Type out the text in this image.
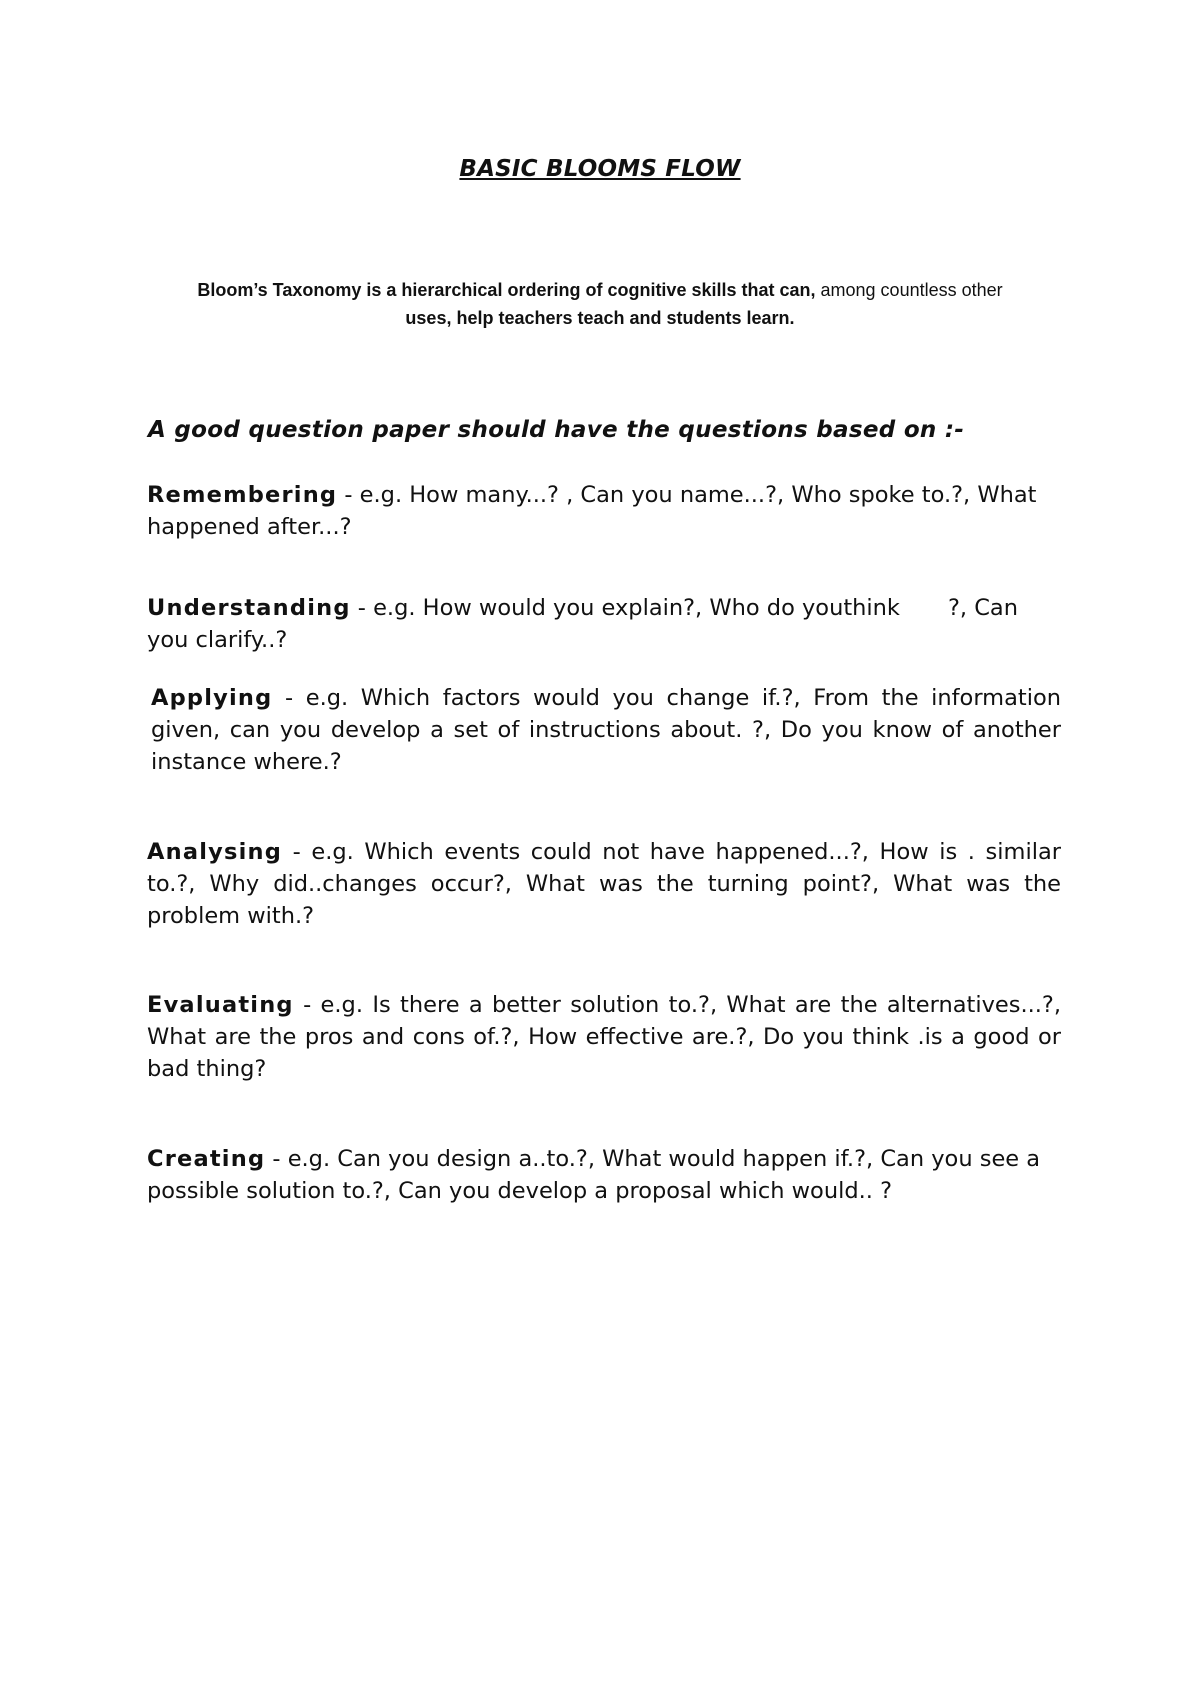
BASIC BLOOMS FLOW
Bloom’s Taxonomy is a hierarchical ordering of cognitive skills that can, among countless other
uses, help teachers teach and students learn.
A good question paper should have the questions based on :-
Remembering - e.g. How many...? , Can you name...?, Who spoke to.?, What happened after...?
Understanding - e.g. How would you explain?, Who do youthink ?, Can you clarify..?
Applying - e.g. Which factors would you change if.?, From the information given, can you develop a set of instructions about. ?, Do you know of another instance where.?
Analysing - e.g. Which events could not have happened...?, How is . similar to.?, Why did..changes occur?, What was the turning point?, What was the problem with.?
Evaluating - e.g. Is there a better solution to.?, What are the alternatives...?, What are the pros and cons of.?, How effective are.?, Do you think .is a good or bad thing?
Creating - e.g. Can you design a..to.?, What would happen if.?, Can you see a possible solution to.?, Can you develop a proposal which would.. ?
